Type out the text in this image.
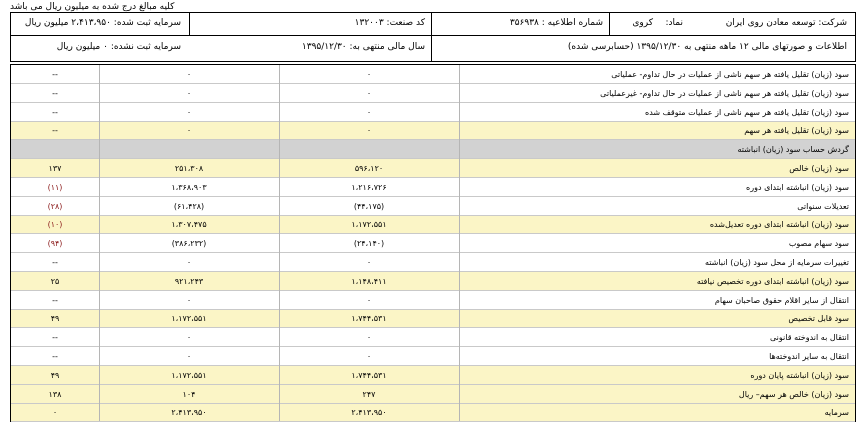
کلیه مبالغ درج شده به میلیون ریال می باشد
شرکت: توسعه معادن روی ایران
نماد:
کروی
شماره اطلاعیه : ۳۵۶۹۳۸
کد صنعت: ۱۳۲۰۰۳
سرمایه ثبت شده: ۲،۴۱۳،۹۵۰ میلیون ریال
اطلاعات و صورتهای مالی ۱۲ ماهه منتهی به ۱۳۹۵/۱۲/۳۰ (حسابرسی شده)
سال مالی منتهی به: ۱۳۹۵/۱۲/۳۰
سرمایه ثبت نشده: ۰ میلیون ریال
سرمایه
۲،۴۱۳،۹۵۰
۲،۴۱۳،۹۵۰
۰
سود (زیان) خالص هر سهم– ریال
۲۴۷
۱۰۴
۱۳۸
سود (زیان) انباشته پایان دوره
۱،۷۴۴،۵۳۱
۱،۱۷۲،۵۵۱
۴۹
انتقال به سایر اندوخته‌ها
۰
۰
--
انتقال به اندوخته قانونی
۰
۰
--
سود قابل تخصیص
۱،۷۴۴،۵۳۱
۱،۱۷۲،۵۵۱
۴۹
انتقال از سایر اقلام حقوق صاحبان سهام
۰
۰
--
سود (زیان) انباشته ابتدای دوره تخصیص نیافته
۱،۱۴۸،۴۱۱
۹۲۱،۲۴۳
۲۵
تغییرات سرمایه از محل سود (زیان) انباشته
۰
۰
--
سود سهام مصوب
(۲۴،۱۴۰)
(۳۸۶،۲۳۲)
(۹۴)
سود (زیان) انباشته ابتدای دوره تعدیل‌شده
۱،۱۷۲،۵۵۱
۱،۳۰۷،۴۷۵
(۱۰)
تعدیلات سنواتی
(۴۴،۱۷۵)
(۶۱،۴۲۸)
(۲۸)
سود (زیان) انباشته ابتدای دوره
۱،۲۱۶،۷۲۶
۱،۳۶۸،۹۰۳
(۱۱)
سود (زیان) خالص
۵۹۶،۱۲۰
۲۵۱،۳۰۸
۱۳۷
گردش حساب سود (زیان) انباشته
سود (زیان) تقلیل یافته هر سهم
۰
۰
--
سود (زیان) تقلیل یافته هر سهم ناشی از عملیات متوقف شده
۰
۰
--
سود (زیان) تقلیل یافته هر سهم ناشی از عملیات در حال تداوم- غیرعملیاتی
۰
۰
--
سود (زیان) تقلیل یافته هر سهم ناشی از عملیات در حال تداوم- عملیاتی
۰
۰
--
